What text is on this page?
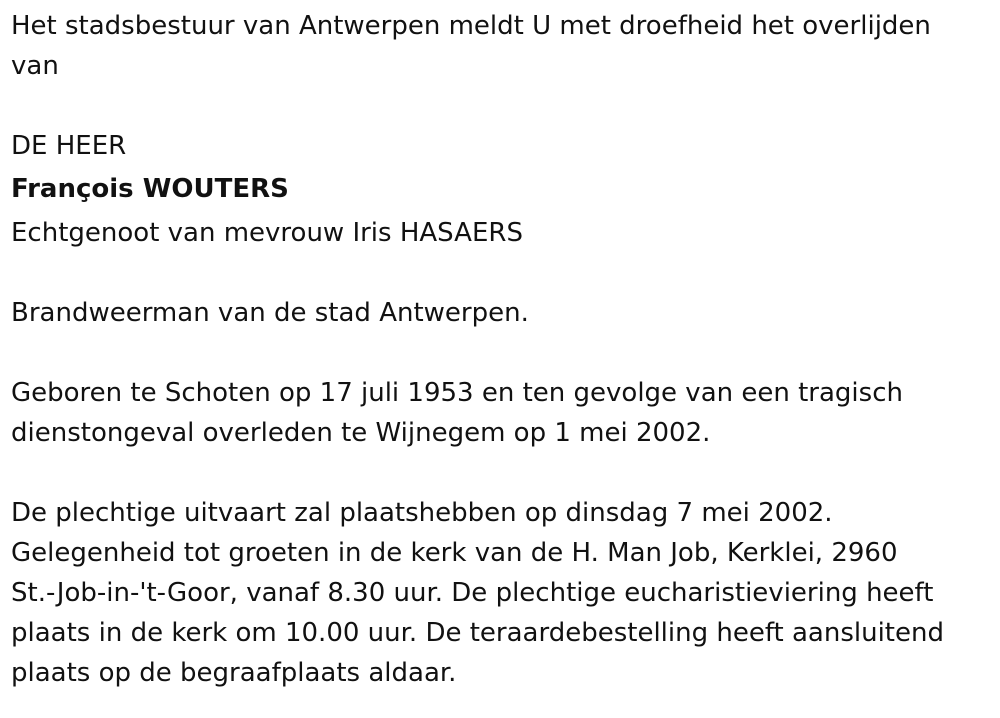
Het stadsbestuur van Antwerpen meldt U met droefheid het overlijden

van

DE HEER

François WOUTERS

Echtgenoot van mevrouw Iris HASAERS

Brandweerman van de stad Antwerpen.

Geboren te Schoten op 17 juli 1953 en ten gevolge van een tragisch

dienstongeval overleden te Wijnegem op 1 mei 2002.

De plechtige uitvaart zal plaatshebben op dinsdag 7 mei 2002.

Gelegenheid tot groeten in de kerk van de H. Man Job, Kerklei, 2960

St.-Job-in-'t-Goor, vanaf 8.30 uur. De plechtige eucharistieviering heeft

plaats in de kerk om 10.00 uur. De teraardebestelling heeft aansluitend

plaats op de begraafplaats aldaar.
